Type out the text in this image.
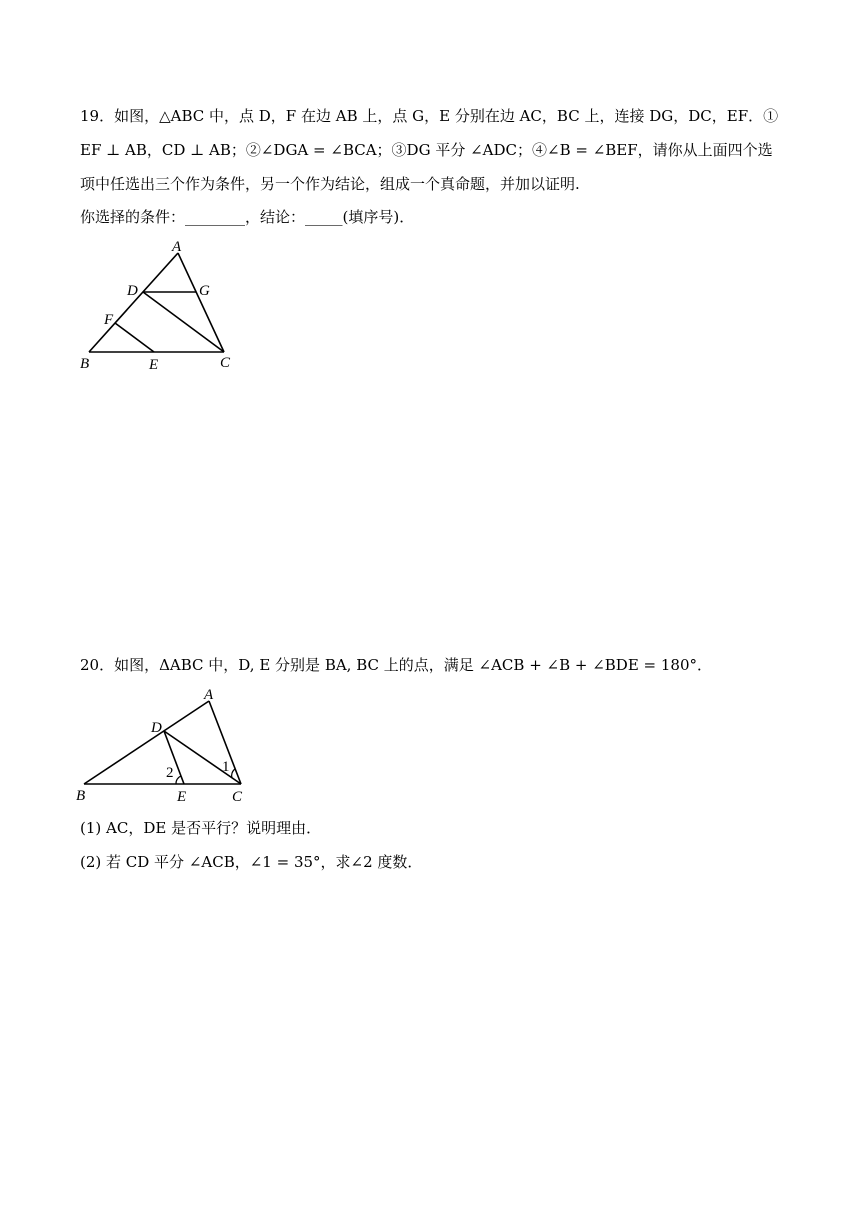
19．如图，△ABC 中，点 D，F 在边 AB 上，点 G，E 分别在边 AC，BC 上，连接 DG，DC，EF．①
EF ⊥ AB，CD ⊥ AB；②∠DGA = ∠BCA；③DG 平分 ∠ADC；④∠B = ∠BEF，请你从上面四个选
项中任选出三个作为条件，另一个作为结论，组成一个真命题，并加以证明.
你选择的条件：________，结论：_____(填序号)．
A
D	G
F
B	E	C
20．如图，ΔABC 中，D, E 分别是 BA, BC 上的点，满足 ∠ACB + ∠B + ∠BDE = 180°．
A
D
B	E	C
1
2
(1) AC，DE 是否平行？说明理由．
(2) 若 CD 平分 ∠ACB，∠1 = 35°，求∠2 度数．
